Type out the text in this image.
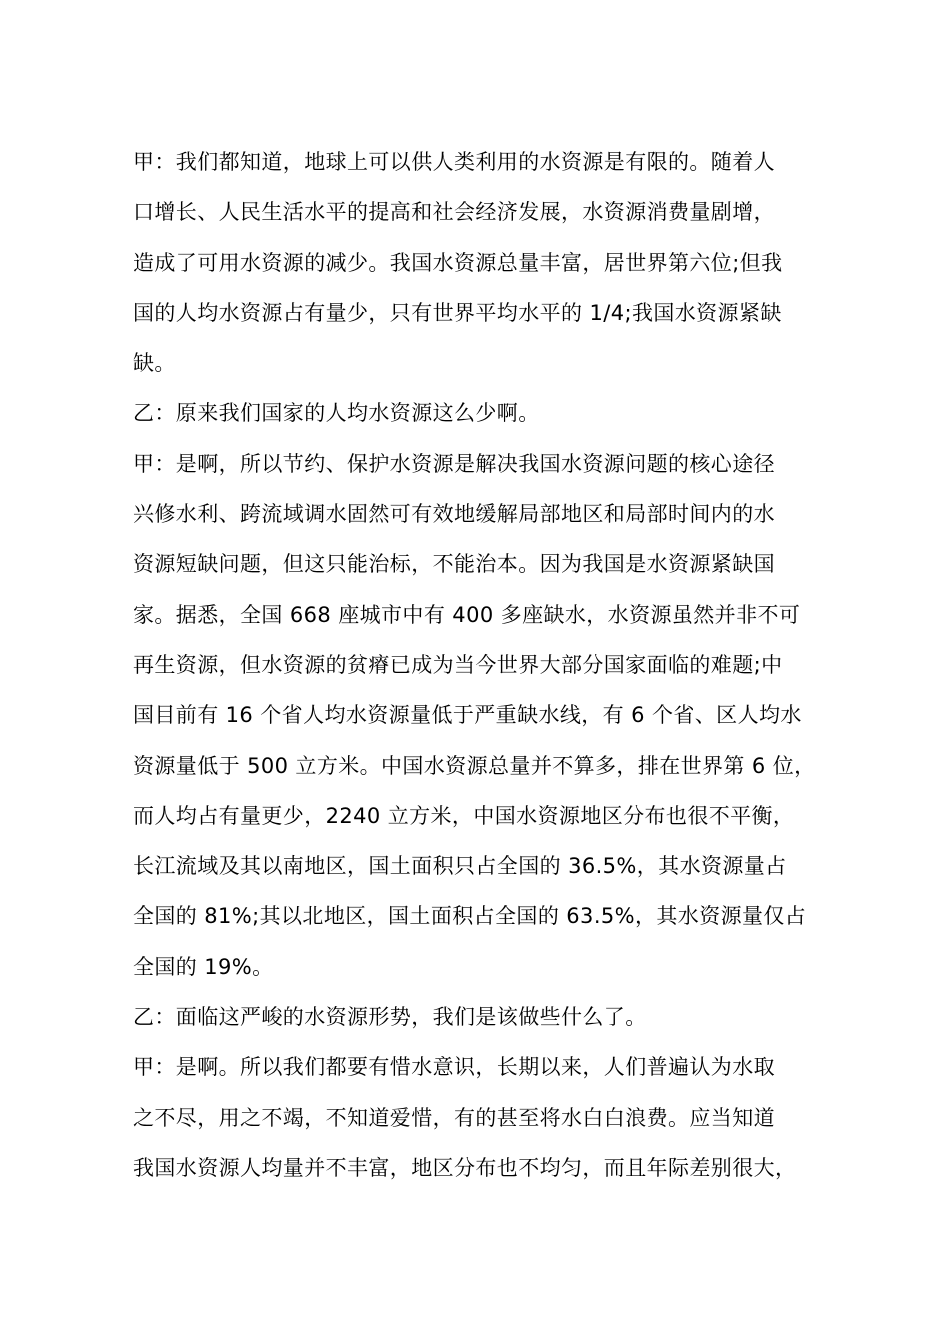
甲：我们都知道，地球上可以供人类利用的水资源是有限的。随着人
口增长、人民生活水平的提高和社会经济发展，水资源消费量剧增，
造成了可用水资源的减少。我国水资源总量丰富，居世界第六位;但我
国的人均水资源占有量少，只有世界平均水平的 1/4;我国水资源紧缺
缺。
乙：原来我们国家的人均水资源这么少啊。
甲：是啊，所以节约、保护水资源是解决我国水资源问题的核心途径
兴修水利、跨流域调水固然可有效地缓解局部地区和局部时间内的水
资源短缺问题，但这只能治标，不能治本。因为我国是水资源紧缺国
家。据悉，全国 668 座城市中有 400 多座缺水，水资源虽然并非不可
再生资源，但水资源的贫瘠已成为当今世界大部分国家面临的难题;中
国目前有 16 个省人均水资源量低于严重缺水线，有 6 个省、区人均水
资源量低于 500 立方米。中国水资源总量并不算多，排在世界第 6 位，
而人均占有量更少，2240 立方米，中国水资源地区分布也很不平衡，
长江流域及其以南地区，国土面积只占全国的 36.5%，其水资源量占
全国的 81%;其以北地区，国土面积占全国的 63.5%，其水资源量仅占
全国的 19%。
乙：面临这严峻的水资源形势，我们是该做些什么了。
甲：是啊。所以我们都要有惜水意识，长期以来，人们普遍认为水取
之不尽，用之不竭，不知道爱惜，有的甚至将水白白浪费。应当知道
我国水资源人均量并不丰富，地区分布也不均匀，而且年际差别很大，
